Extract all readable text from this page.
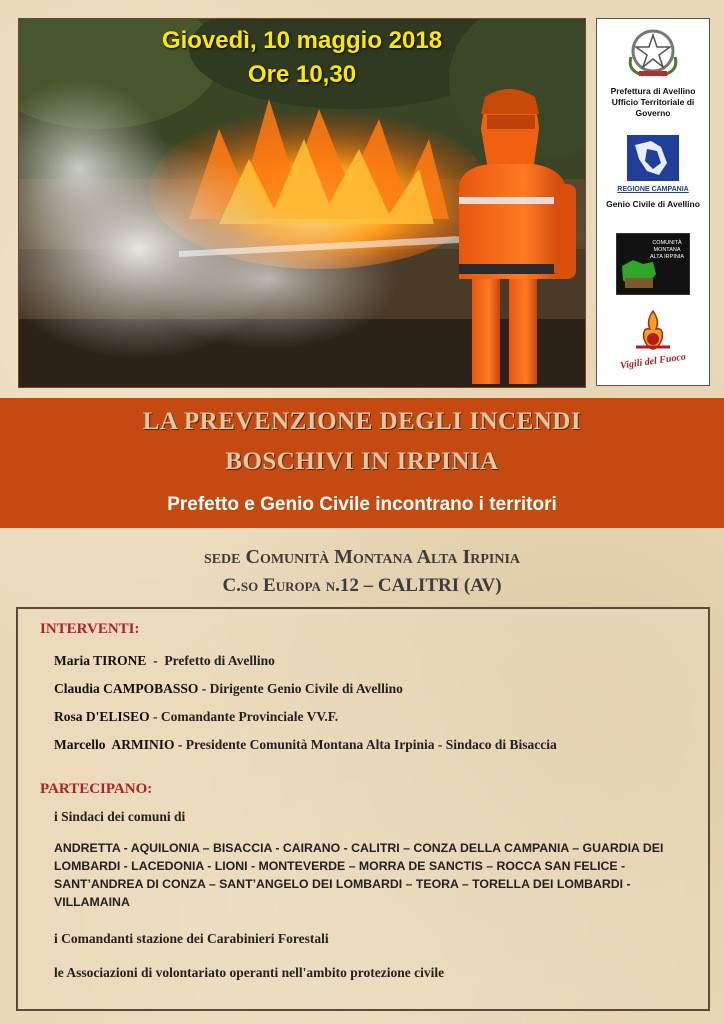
Giovedì, 10 maggio 2018

Ore 10,30

Prefettura di Avellino Ufficio Territoriale di Governo

REGIONE CAMPANIA

Genio Civile di Avellino

COMUNITÀ MONTANA ALTA IRPINIA
Vigili del Fuoco
LA PREVENZIONE DEGLI INCENDI
BOSCHIVI IN IRPINIA

Prefetto e Genio Civile incontrano i territori

sede Comunità Montana Alta Irpinia

C.so Europa n.12 – CALITRI (AV)

INTERVENTI:

Maria TIRONE  -  Prefetto di Avellino

Claudia CAMPOBASSO - Dirigente Genio Civile di Avellino

Rosa D'ELISEO - Comandante Provinciale VV.F.

Marcello  ARMINIO - Presidente Comunità Montana Alta Irpinia - Sindaco di Bisaccia

PARTECIPANO:

i Sindaci dei comuni di

ANDRETTA - AQUILONIA – BISACCIA - CAIRANO - CALITRI – CONZA DELLA CAMPANIA – GUARDIA DEI LOMBARDI - LACEDONIA - LIONI - MONTEVERDE – MORRA DE SANCTIS – ROCCA SAN FELICE - SANT’ANDREA DI CONZA – SANT’ANGELO DEI LOMBARDI – TEORA – TORELLA DEI LOMBARDI - VILLAMAINA

i Comandanti stazione dei Carabinieri Forestali

le Associazioni di volontariato operanti nell'ambito protezione civile
